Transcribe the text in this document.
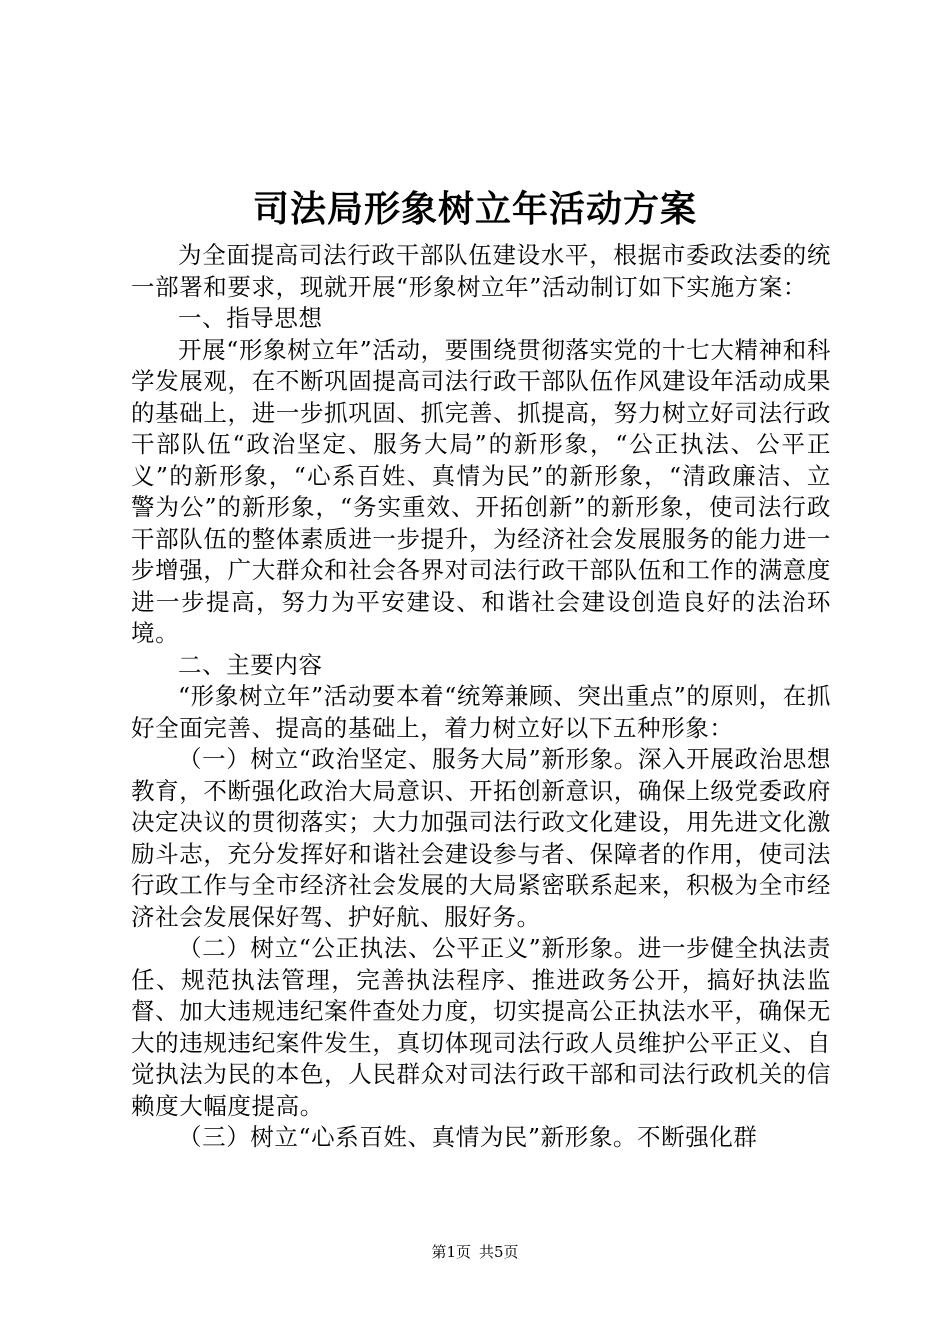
司法局形象树立年活动方案

为全面提高司法行政干部队伍建设水平，根据市委政法委的统一部署和要求，现就开展“形象树立年”活动制订如下实施方案：

一、指导思想

开展“形象树立年”活动，要围绕贯彻落实党的十七大精神和科学发展观，在不断巩固提高司法行政干部队伍作风建设年活动成果的基础上，进一步抓巩固、抓完善、抓提高，努力树立好司法行政干部队伍“政治坚定、服务大局”的新形象，“公正执法、公平正义”的新形象，“心系百姓、真情为民”的新形象，“清政廉洁、立警为公”的新形象，“务实重效、开拓创新”的新形象，使司法行政干部队伍的整体素质进一步提升，为经济社会发展服务的能力进一步增强，广大群众和社会各界对司法行政干部队伍和工作的满意度进一步提高，努力为平安建设、和谐社会建设创造良好的法治环境。

二、主要内容

“形象树立年”活动要本着“统筹兼顾、突出重点”的原则，在抓好全面完善、提高的基础上，着力树立好以下五种形象：

（一）树立“政治坚定、服务大局”新形象。深入开展政治思想教育，不断强化政治大局意识、开拓创新意识，确保上级党委政府决定决议的贯彻落实；大力加强司法行政文化建设，用先进文化激励斗志，充分发挥好和谐社会建设参与者、保障者的作用，使司法行政工作与全市经济社会发展的大局紧密联系起来，积极为全市经济社会发展保好驾、护好航、服好务。

（二）树立“公正执法、公平正义”新形象。进一步健全执法责任、规范执法管理，完善执法程序、推进政务公开，搞好执法监督、加大违规违纪案件查处力度，切实提高公正执法水平，确保无大的违规违纪案件发生，真切体现司法行政人员维护公平正义、自觉执法为民的本色，人民群众对司法行政干部和司法行政机关的信赖度大幅度提高。

（三）树立“心系百姓、真情为民”新形象。不断强化群

第1页 共5页
